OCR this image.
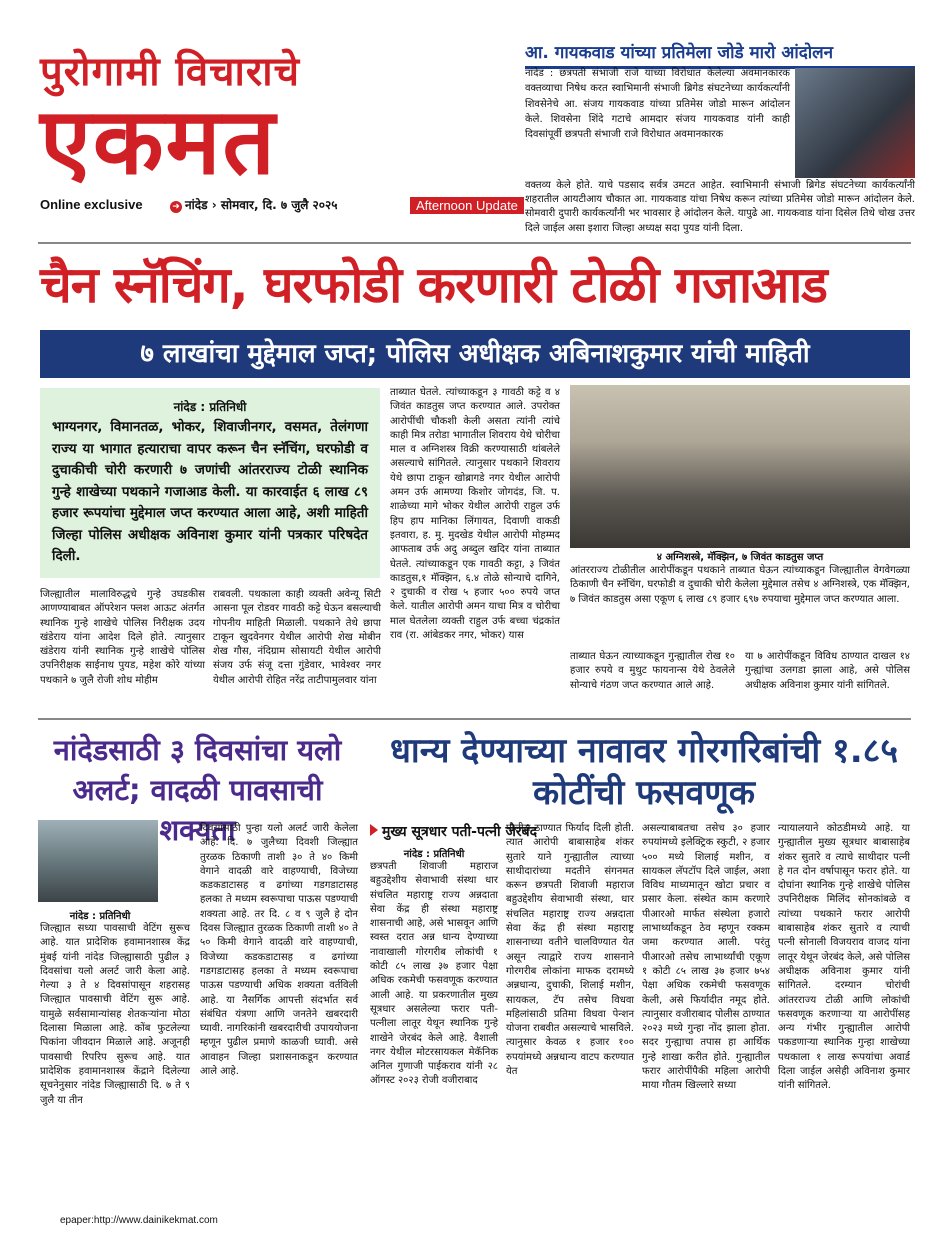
पुरोगामी विचाराचे
एकमत
Online exclusive	➜ नांदेड › सोमवार, दि. ७ जुलै २०२५	Afternoon Update
आ. गायकवाड यांच्या प्रतिमेला जोडे मारो आंदोलन
नांदेड : छत्रपती संभाजी राजे यांच्या विरोधात केलेल्या अवमानकारक वक्तव्याचा निषेध करत स्वाभिमानी संभाजी ब्रिगेड संघटनेच्या कार्यकर्त्यांनी शिवसेनेचे आ. संजय गायकवाड यांच्या प्रतिमेस जोडो मारून आंदोलन केले. शिवसेना शिंदे गटाचे आमदार संजय गायकवाड यांनी काही दिवसांपूर्वी छत्रपती संभाजी राजे विरोधात अवमानकारक
वक्तव्य केले होते. याचे पडसाद सर्वत्र उमटत आहेत. स्वाभिमानी संभाजी ब्रिगेड संघटनेच्या कार्यकर्त्यांनी शहरातील आयटीआय चौकात आ. गायकवाड यांचा निषेध करून त्यांच्या प्रतिमेस जोडो मारून आंदोलन केले. सोमवारी दुपारी कार्यकर्त्यांनी भर भावसार हे आंदोलन केले. यापुढे आ. गायकवाड यांना दिसेल तिथे चोख उत्तर दिले जाईल असा इशारा जिल्हा अध्यक्ष सदा पुयड यांनी दिला.
चैन स्नॅचिंग, घरफोडी करणारी टोळी गजाआड
७ लाखांचा मुद्देमाल जप्त; पोलिस अधीक्षक अबिनाशकुमार यांची माहिती
नांदेड : प्रतिनिधी
भाग्यनगर, विमानतळ, भोकर, शिवाजीनगर, वसमत, तेलंगणा राज्य या भागात हत्याराचा वापर करून चैन स्नॅचिंग, घरफोडी व दुचाकीची चोरी करणारी ७ जणांची आंतरराज्य टोळी स्थानिक गुन्हे शाखेच्या पथकाने गजाआड केली. या कारवाईत ६ लाख ८९ हजार रूपयांचा मुद्देमाल जप्त करण्यात आला आहे, अशी माहिती जिल्हा पोलिस अधीक्षक अविनाश कुमार यांनी पत्रकार परिषदेत दिली.
ताब्यात घेतले. त्यांच्याकडून ३ गावठी कट्टे व ४ जिवंत काडतुस जप्त करण्यात आले. उपरोक्त आरोपींची चौकशी केली असता त्यांनी त्यांचे काही मित्र तरोडा भागातील शिवराय येथे चोरीचा माल व अग्निशस्त्र विक्री करण्यासाठी थांबलेले असल्याचे सांगितले. त्यानुसार पथकाने शिवराय येथे छापा टाकून खोब्रागडे नगर येथील आरोपी अमन उर्फ आमण्या किशोर जोगदंड, जि. प. शाळेच्या मागे भोकर येथील आरोपी राहुल उर्फ हिप हाप मानिका लिंगायत, दिवाणी वाकडी इतवारा, ह. मु. मुदखेड येथील आरोपी मोहम्मद आफताब उर्फ अदु अब्दुल खदिर यांना ताब्यात घेतले. त्यांच्याकडून एक गावठी कट्टा, ३ जिवंत काडतुस,१ मॅक्झिन, ६.४ तोळे सोन्याचे दागिने, २ दुचाकी व रोख ५ हजार ५०० रुपये जप्त केले. यातील आरोपी अमन याचा मित्र व चोरीचा माल घेतलेला व्यक्ती राहुल उर्फ बच्चा चंद्रकांत राव (रा. आंबेडकर नगर, भोकर) यास
४ अग्निशस्त्रे, मॅक्झिन, ७ जिवंत काडतुस जप्त
आंतरराज्य टोळीतील आरोपींकडून पथकाने ताब्यात घेऊन त्यांच्याकडून जिल्ह्यातील वेगवेगळ्या ठिकाणी चैन स्नॅचिंग, घरफोडी व दुचाकी चोरी केलेला मुद्देमाल तसेच ४ अग्निशस्त्रे, एक मॅक्झिन, ७ जिवंत काडतुस असा एकूण ६ लाख ८९ हजार ६९७ रुपयाचा मुद्देमाल जप्त करण्यात आला.
जिल्ह्यातील मालाविरुद्धचे गुन्हे उघडकीस आणण्याबाबत ऑपरेशन फ्लश आऊट अंतर्गत स्थानिक गुन्हे शाखेचे पोलिस निरीक्षक उदय खंडेराय यांना आदेश दिले होते. त्यानुसार खंडेराय यांनी स्थानिक गुन्हे शाखेचे पोलिस उपनिरीक्षक साईनाथ पुयड, महेश कोरे यांच्या पथकाने ७ जुलै रोजी शोध मोहीम
राबवली. पथकाला काही व्यक्ती अवेन्यू सिटी आसना पूल रोडवर गावठी कट्टे घेऊन बसल्याची गोपनीय माहिती मिळाली. पथकाने तेथे छापा टाकून खुदवेनगर येथील आरोपी शेख मोबीन शेख गौस, नंदिग्राम सोसायटी येथील आरोपी संजय उर्फ संजू दत्ता गुंडेवार, भावेश्वर नगर येथील आरोपी रोहित नरेंद्र ताटीपामुलवार यांना
ताब्यात घेऊन त्याच्याकडून गुन्ह्यातील रोख १० हजार रुपये व मुथुट फायनान्स येथे ठेवलेले सोन्याचे गंठण जप्त करण्यात आले आहे.
या ७ आरोपींकडून विविध ठाण्यात दाखल १४ गुन्ह्यांचा उलगडा झाला आहे, असे पोलिस अधीक्षक अविनाश कुमार यांनी सांगितले.
नांदेडसाठी ३ दिवसांचा यलो अलर्ट; वादळी पावसाची शक्यता
नांदेड : प्रतिनिधी
जिल्ह्यात सध्या पावसाची वेटिंग सुरूच आहे. यात प्रादेशिक हवामानशास्त्र केंद्र मुंबई यांनी नांदेड जिल्ह्यासाठी पुढील ३ दिवसांचा यलो अलर्ट जारी केला आहे. गेल्या ३ ते ४ दिवसांपासून शहरासह जिल्ह्यात पावसाची वेटिंग सुरू आहे. यामुळे सर्वसामान्यांसह शेतकऱ्यांना मोठा दिलासा मिळाला आहे. कोंब फुटलेल्या पिकांना जीवदान मिळाले आहे. अजूनही पावसाची रिपरिप सुरूच आहे. यात प्रादेशिक हवामानशास्त्र केंद्राने दिलेल्या सूचनेनुसार नांदेड जिल्ह्यासाठी दि. ७ ते ९ जुलै या तीन
दिवसांसाठी पुन्हा यलो अलर्ट जारी केलेला आहे. दि. ७ जुलैच्या दिवशी जिल्ह्यात तुरळक ठिकाणी ताशी ३० ते ४० किमी वेगाने वादळी वारे वाहण्याची, विजेच्या कडकडाटासह व ढगांच्या गडगडाटासह हलका ते मध्यम स्वरूपाचा पाऊस पडण्याची शक्यता आहे. तर दि. ८ व ९ जुलै हे दोन दिवस जिल्ह्यात तुरळक ठिकाणी ताशी ४० ते ५० किमी वेगाने वादळी वारे वाहण्याची, विजेच्या कडकडाटासह व ढगांच्या गडगडाटासह हलका ते मध्यम स्वरूपाचा पाऊस पडण्याची अधिक शक्यता वर्तविली आहे. या नैसर्गिक आपत्ती संदर्भात सर्व संबंधित यंत्रणा आणि जनतेने खबरदारी घ्यावी. नागरिकांनी खबरदारीची उपाययोजना म्हणून पुढील प्रमाणे काळजी घ्यावी. असे आवाहन जिल्हा प्रशासनाकडून करण्यात आले आहे.
धान्य देण्याच्या नावावर गोरगरिबांची १.८५ कोटींची फसवणूक
मुख्य सूत्रधार पती-पत्नी जेरबंद
नांदेड : प्रतिनिधी
छत्रपती शिवाजी महाराज बहुउद्देशीय सेवाभावी संस्था धार संचलित महाराष्ट्र राज्य अन्नदाता सेवा केंद्र ही संस्था महाराष्ट्र शासनाची आहे, असे भासवून आणि स्वस्त दरात अन्न धान्य देण्याच्या नावाखाली गोरगरीब लोकांची १ कोटी ८५ लाख ३७ हजार पेक्षा अधिक रकमेची फसवणूक करण्यात आली आहे. या प्रकरणातील मुख्य सूत्रधार असलेल्या फरार पती-पत्नीला लातूर येथून स्थानिक गुन्हे शाखेने जेरबंद केले आहे. वैशाली नगर येथील मोटरसायकल मेकॅनिक अनिल गुणाजी पाईकराव यांनी २८ ऑगस्ट २०२३ रोजी वजीराबाद
पोलीस ठाण्यात फिर्याद दिली होती. त्यात आरोपी बाबासाहेब शंकर सुतारे याने गुन्ह्यातील त्याच्या साथीदारांच्या मदतीने संगनमत करून छत्रपती शिवाजी महाराज बहुउद्देशीय सेवाभावी संस्था, धार संचलित महाराष्ट्र राज्य अन्नदाता सेवा केंद्र ही संस्था महाराष्ट्र शासनाच्या वतीने चालविण्यात येत असून त्याद्वारे राज्य शासनाने गोरगरीब लोकांना माफक दरामध्ये अन्नधान्य, दुचाकी, शिलाई मशीन, सायकल, टॅप तसेच विधवा महिलांसाठी प्रतिमा विधवा पेन्शन योजना राबवीत असल्याचे भासविले. त्यानुसार केवळ १ हजार १०० रुपयांमध्ये अन्नधान्य वाटप करण्यात येत
असल्याबाबतचा तसेच ३० हजार रुपयांमध्ये इलेक्ट्रिक स्कुटी, २ हजार ५०० मध्ये शिलाई मशीन, व सायकल लॅपटॉप दिले जाईल, अशा विविध माध्यमातून खोटा प्रचार व प्रसार केला. संस्थेत काम करणारे पीआरओ मार्फत संस्थेला हजारो लाभार्थ्यांकडून ठेव म्हणून रक्कम जमा करण्यात आली. परंतु पीआरओ तसेच लाभार्थ्यांची एकूण १ कोटी ८५ लाख ३७ हजार ७५४ पेक्षा अधिक रकमेची फसवणूक केली, असे फिर्यादीत नमूद होते. त्यानुसार वजीराबाद पोलीस ठाण्यात २०२३ मध्ये गुन्हा नोंद झाला होता. सदर गुन्ह्याचा तपास हा आर्थिक गुन्हे शाखा करीत होते. गुन्ह्यातील फरार आरोपींपैकी महिला आरोपी माया गौतम खिल्लारे सध्या
न्यायालयाने कोठडीमध्ये आहे. या गुन्ह्यातील मुख्य सूत्रधार बाबासाहेब शंकर सुतारे व त्याचे साथीदार पत्नी हे गत दोन वर्षापासून फरार होते. या दोघांना स्थानिक गुन्हे शाखेचे पोलिस उपनिरीक्षक मिलिंद सोनकांबळे व त्यांच्या पथकाने फरार आरोपी बाबासाहेब शंकर सुतारे व त्याची पत्नी सोनाली विजयराव वाजद यांना लातूर येथून जेरबंद केले, असे पोलिस अधीक्षक अविनाश कुमार यांनी सांगितले. दरम्यान चोरांची आंतरराज्य टोळी आणि लोकांची फसवणूक करणाऱ्या या आरोपींसह अन्य गंभीर गुन्ह्यातील आरोपी पकडणाऱ्या स्थानिक गुन्हा शाखेच्या पथकाला १ लाख रूपयांचा अवार्ड दिला जाईल असेही अविनाश कुमार यांनी सांगितले.
epaper:http://www.dainikekmat.com
